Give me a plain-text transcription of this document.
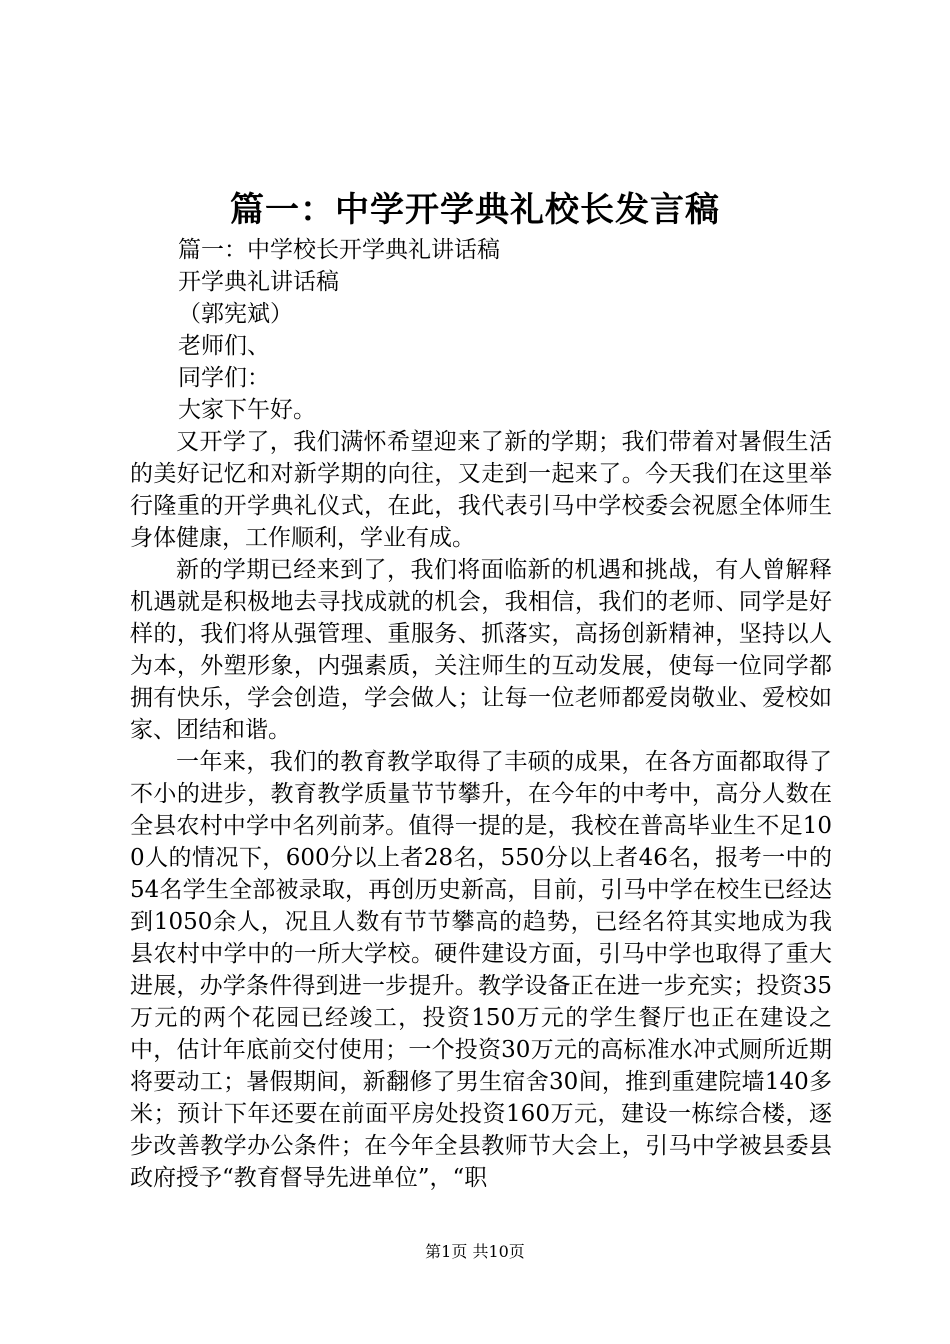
篇一：中学开学典礼校长发言稿

篇一：中学校长开学典礼讲话稿

开学典礼讲话稿

（郭宪斌）

老师们、

同学们：

大家下午好。

又开学了，我们满怀希望迎来了新的学期；我们带着对暑假生活的美好记忆和对新学期的向往，又走到一起来了。今天我们在这里举行隆重的开学典礼仪式，在此，我代表引马中学校委会祝愿全体师生身体健康，工作顺利，学业有成。

新的学期已经来到了，我们将面临新的机遇和挑战，有人曾解释机遇就是积极地去寻找成就的机会，我相信，我们的老师、同学是好样的，我们将从强管理、重服务、抓落实，高扬创新精神，坚持以人为本，外塑形象，内强素质，关注师生的互动发展，使每一位同学都拥有快乐，学会创造，学会做人；让每一位老师都爱岗敬业、爱校如家、团结和谐。

一年来，我们的教育教学取得了丰硕的成果，在各方面都取得了不小的进步，教育教学质量节节攀升，在今年的中考中，高分人数在全县农村中学中名列前茅。值得一提的是，我校在普高毕业生不足100人的情况下，600分以上者28名，550分以上者46名，报考一中的54名学生全部被录取，再创历史新高，目前，引马中学在校生已经达到1050余人，况且人数有节节攀高的趋势，已经名符其实地成为我县农村中学中的一所大学校。硬件建设方面，引马中学也取得了重大进展，办学条件得到进一步提升。教学设备正在进一步充实；投资35万元的两个花园已经竣工，投资150万元的学生餐厅也正在建设之中，估计年底前交付使用；一个投资30万元的高标准水冲式厕所近期将要动工；暑假期间，新翻修了男生宿舍30间，推到重建院墙140多米；预计下年还要在前面平房处投资160万元，建设一栋综合楼，逐步改善教学办公条件；在今年全县教师节大会上，引马中学被县委县政府授予“教育督导先进单位”，“职

第1页 共10页
